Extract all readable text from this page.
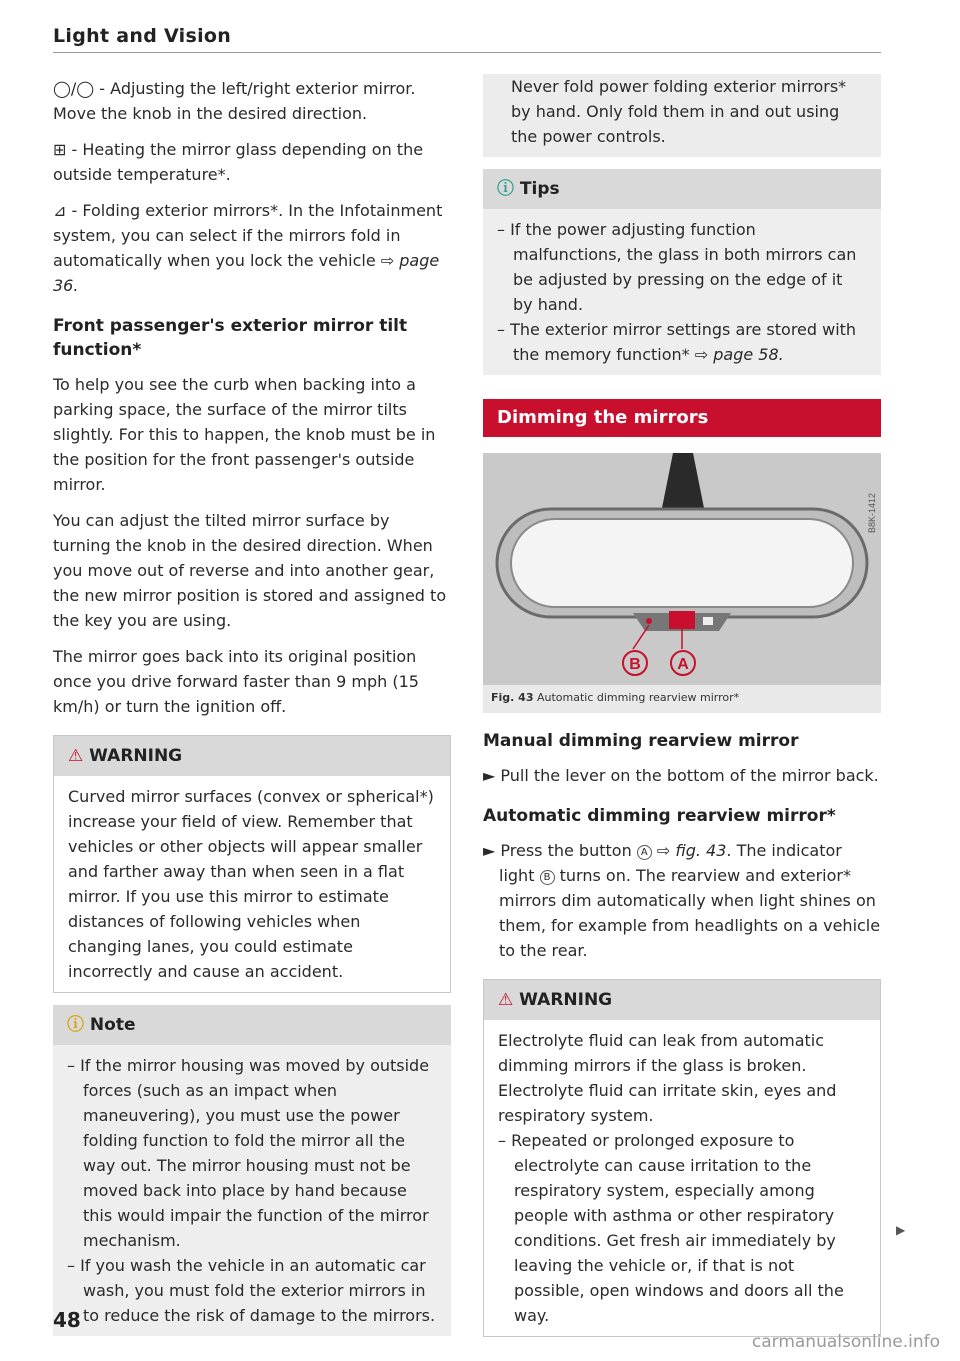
Light and Vision

◯/◯ - Adjusting the left/right exterior mirror. Move the knob in the desired direction.

⊞ - Heating the mirror glass depending on the outside temperature*.

⊿ - Folding exterior mirrors*. In the Infotainment system, you can select if the mirrors fold in automatically when you lock the vehicle ⇨ page 36.

Front passenger's exterior mirror tilt function*

To help you see the curb when backing into a parking space, the surface of the mirror tilts slightly. For this to happen, the knob must be in the position for the front passenger's outside mirror.

You can adjust the tilted mirror surface by turning the knob in the desired direction. When you move out of reverse and into another gear, the new mirror position is stored and assigned to the key you are using.

The mirror goes back into its original position once you drive forward faster than 9 mph (15 km/h) or turn the ignition off.

⚠ WARNING

Curved mirror surfaces (convex or spherical*) increase your field of view. Remember that vehicles or other objects will appear smaller and farther away than when seen in a flat mirror. If you use this mirror to estimate distances of following vehicles when changing lanes, you could estimate incorrectly and cause an accident.

ⓘ Note

– If the mirror housing was moved by outside forces (such as an impact when maneuvering), you must use the power folding function to fold the mirror all the way out. The mirror housing must not be moved back into place by hand because this would impair the function of the mirror mechanism.

– If you wash the vehicle in an automatic car wash, you must fold the exterior mirrors in to reduce the risk of damage to the mirrors.

Never fold power folding exterior mirrors* by hand. Only fold them in and out using the power controls.

ⓘ Tips

– If the power adjusting function malfunctions, the glass in both mirrors can be adjusted by pressing on the edge of it by hand.

– The exterior mirror settings are stored with the memory function* ⇨ page 58.

Dimming the mirrors
B A
B8K-1412
Fig. 43 Automatic dimming rearview mirror*
Manual dimming rearview mirror

► Pull the lever on the bottom of the mirror back.

Automatic dimming rearview mirror*

► Press the button A ⇨ fig. 43. The indicator light B turns on. The rearview and exterior* mirrors dim automatically when light shines on them, for example from headlights on a vehicle to the rear.

⚠ WARNING

Electrolyte fluid can leak from automatic dimming mirrors if the glass is broken. Electrolyte fluid can irritate skin, eyes and respiratory system.

– Repeated or prolonged exposure to electrolyte can cause irritation to the respiratory system, especially among people with asthma or other respiratory conditions. Get fresh air immediately by leaving the vehicle or, if that is not possible, open windows and doors all the way.

▶
48
carmanualsonline.info
